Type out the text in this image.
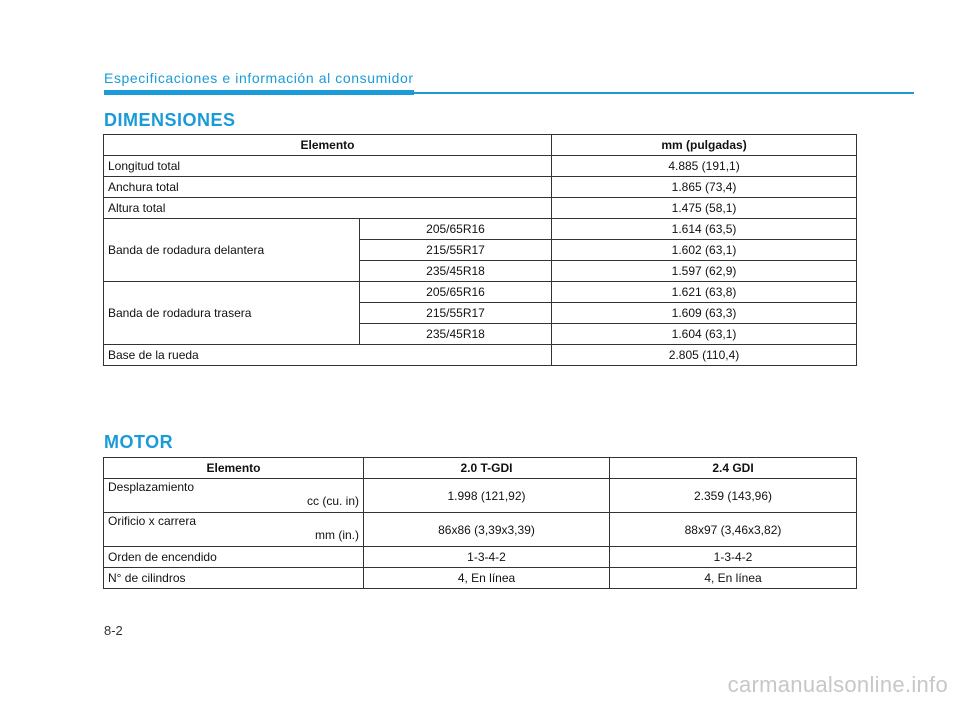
Especificaciones e información al consumidor
DIMENSIONES
Elemento		mm (pulgadas)
Longitud total		4.885 (191,1)
Anchura total		1.865 (73,4)
Altura total		1.475 (58,1)
Banda de rodadura delantera	205/65R16	1.614 (63,5)
	215/55R17	1.602 (63,1)
	235/45R18	1.597 (62,9)
Banda de rodadura trasera	205/65R16	1.621 (63,8)
	215/55R17	1.609 (63,3)
	235/45R18	1.604 (63,1)
Base de la rueda		2.805 (110,4)
MOTOR
Elemento	2.0 T-GDI	2.4 GDI
Desplazamiento
cc (cu. in)	1.998 (121,92)	2.359 (143,96)
Orificio x carrera
mm (in.)	86x86 (3,39x3,39)	88x97 (3,46x3,82)
Orden de encendido	1-3-4-2	1-3-4-2
N° de cilindros	4, En línea	4, En línea
8-2
carmanualsonline.info
